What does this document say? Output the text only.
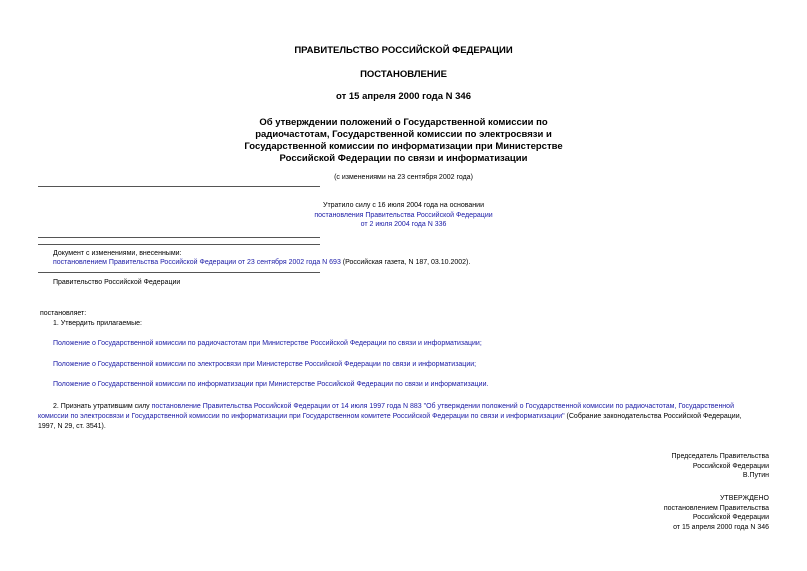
ПРАВИТЕЛЬСТВО РОССИЙСКОЙ ФЕДЕРАЦИИ
ПОСТАНОВЛЕНИЕ
от 15 апреля 2000 года N 346
Об утверждении положений о Государственной комиссии по
радиочастотам, Государственной комиссии по электросвязи и
Государственной комиссии по информатизации при Министерстве
Российской Федерации по связи и информатизации
(с изменениями на 23 сентября 2002 года)
Утратило силу с 16 июля 2004 года на основании
постановления Правительства Российской Федерации
от 2 июля 2004 года N 336
Документ с изменениями, внесенными:
постановлением Правительства Российской Федерации от 23 сентября 2002 года N 693 (Российская газета, N 187, 03.10.2002).
Правительство Российской Федерации
постановляет:
1. Утвердить прилагаемые:
Положение о Государственной комиссии по радиочастотам при Министерстве Российской Федерации по связи и информатизации;
Положение о Государственной комиссии по электросвязи при Министерстве Российской Федерации по связи и информатизации;
Положение о Государственной комиссии по информатизации при Министерстве Российской Федерации по связи и информатизации.
2. Признать утратившим силу постановление Правительства Российской Федерации от 14 июля 1997 года N 883 "Об утверждении положений о Государственной комиссии по радиочастотам, Государственной
комиссии по электросвязи и Государственной комиссии по информатизации при Государственном комитете Российской Федерации по связи и информатизации" (Собрание законодательства Российской Федерации,
1997, N 29, ст. 3541).
Председатель Правительства
Российской Федерации
В.Путин
УТВЕРЖДЕНО
постановлением Правительства
Российской Федерации
от 15 апреля 2000 года N 346
